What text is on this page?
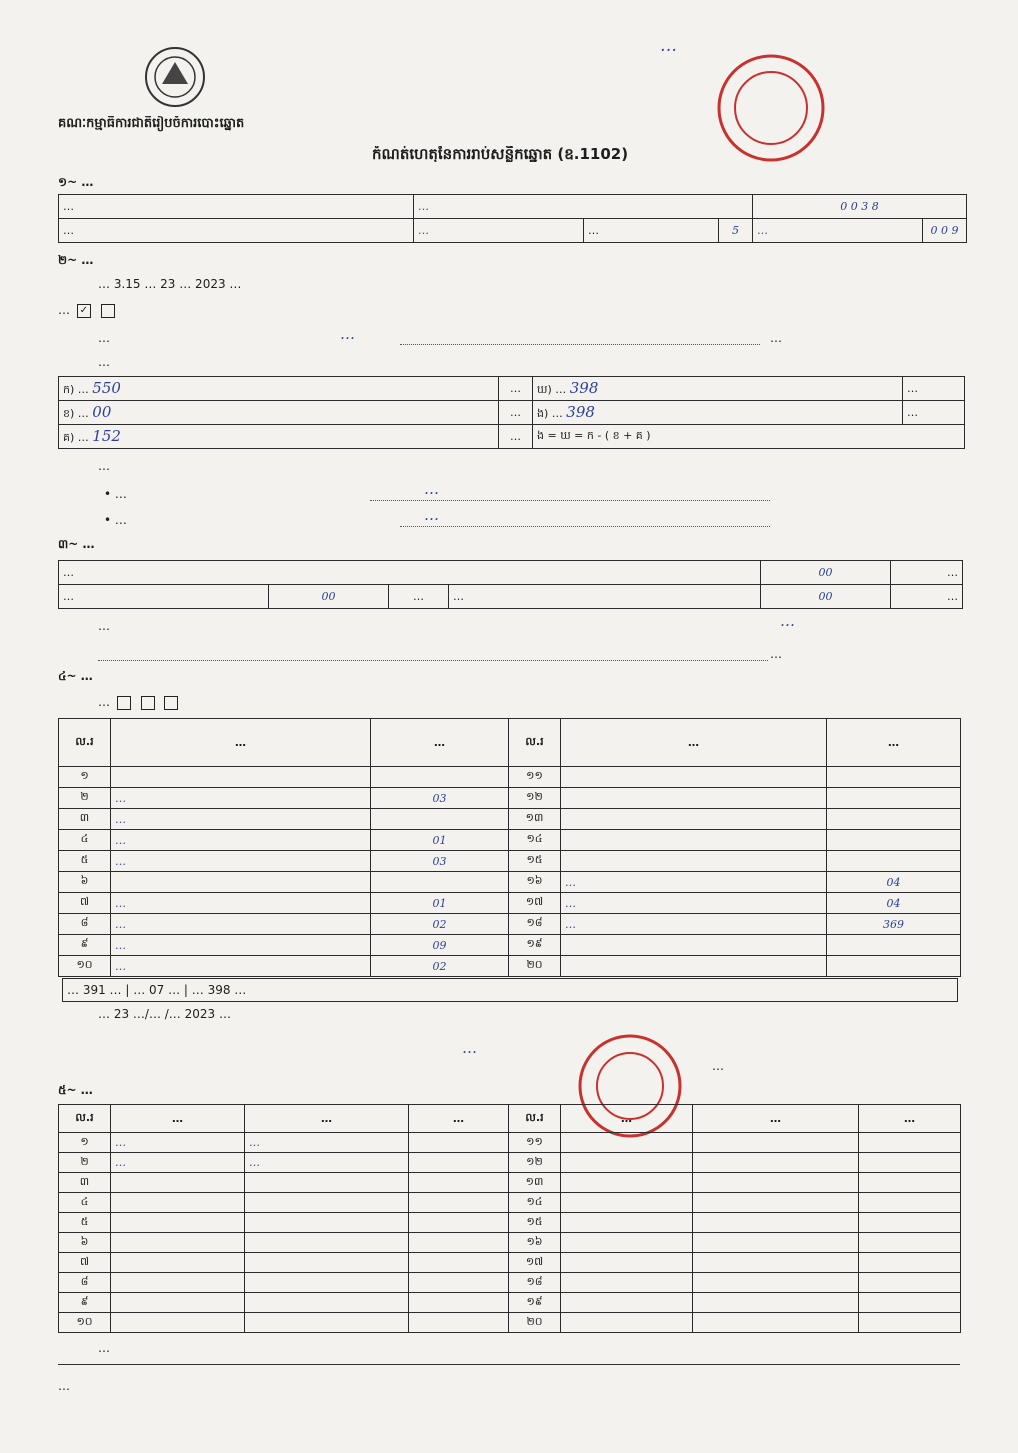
គណៈកម្មាធិការជាតិរៀបចំការបោះឆ្នោត
…
កំណត់ហេតុនៃការរាប់សន្លឹកឆ្នោត (ឧ.1102)
១~ …
…	…			0 0 3 8	
…	…	…	5	…	0 0 9
២~ …
… 3.15 … 23 … 2023 …
… ✓
…	…	…
…
ក) … 550	…	ឃ) … 398	…
ខ) … 00	…	ង) … 398	…
គ) … 152	…	ង = ឃ = ក - ( ខ + គ )	
…
• …	…
• …	…
៣~ …
…				00	…
…	00	…	…	00	…
…	…
…
៤~ …
…
ល.រ	…	…	ល.រ	…	…
១			១១		
២	…	03	១២		
៣	…		១៣		
៤	…	01	១៤		
៥	…	03	១៥		
៦			១៦	…	04
៧	…	01	១៧	…	04
៨	…	02	១៨	…	369
៩	…	09	១៩		
១០	…	02	២០		
… 391 … | … 07 … | … 398 …
… 23 …/… /… 2023 …
…
…
៥~ …
ល.រ	…	…	…	ល.រ	…	…	…
១	…	…		១១			
២	…	…		១២			
៣				១៣			
៤				១៤			
៥				១៥			
៦				១៦			
៧				១៧			
៨				១៨			
៩				១៩			
១០				២០			
…
…
